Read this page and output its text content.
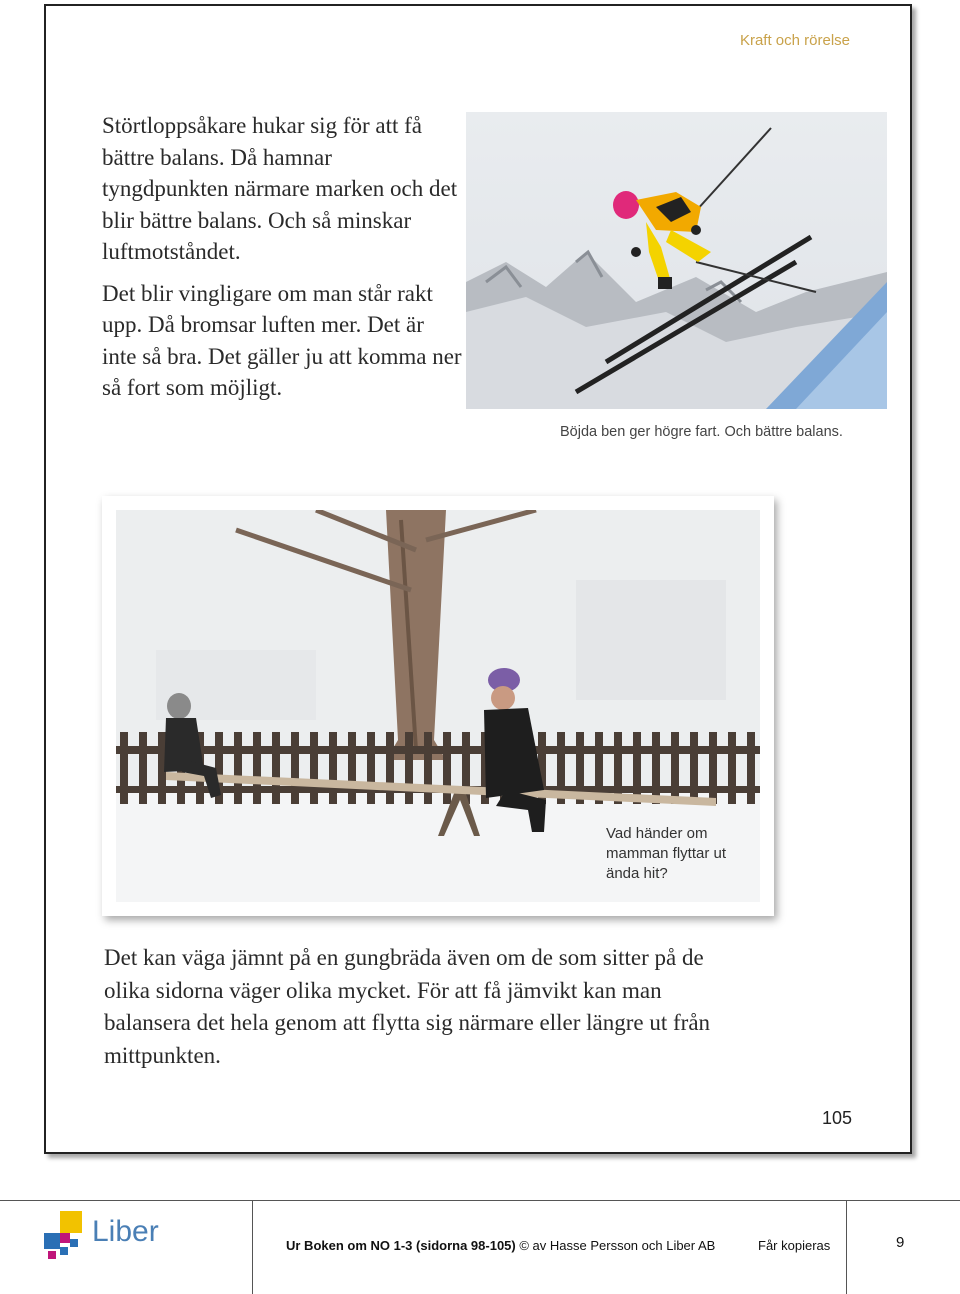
Kraft och rörelse

Störtloppsåkare hukar sig för att få bättre balans. Då hamnar tyngdpunkten närmare marken och det blir bättre balans. Och så minskar luftmotståndet.

Det blir vingligare om man står rakt upp. Då bromsar luften mer. Det är inte så bra. Det gäller ju att komma ner så fort som möjligt.

Böjda ben ger högre fart. Och bättre balans.
Vad händer om mamman flyttar ut ända hit?

Det kan väga jämnt på en gungbräda även om de som sitter på de olika sidorna väger olika mycket. För att få jämvikt kan man balansera det hela genom att flytta sig närmare eller längre ut från mittpunkten.

105
Liber	Ur Boken om NO 1-3 (sidorna 98-105) © av Hasse Persson och Liber AB	Får kopieras	9
